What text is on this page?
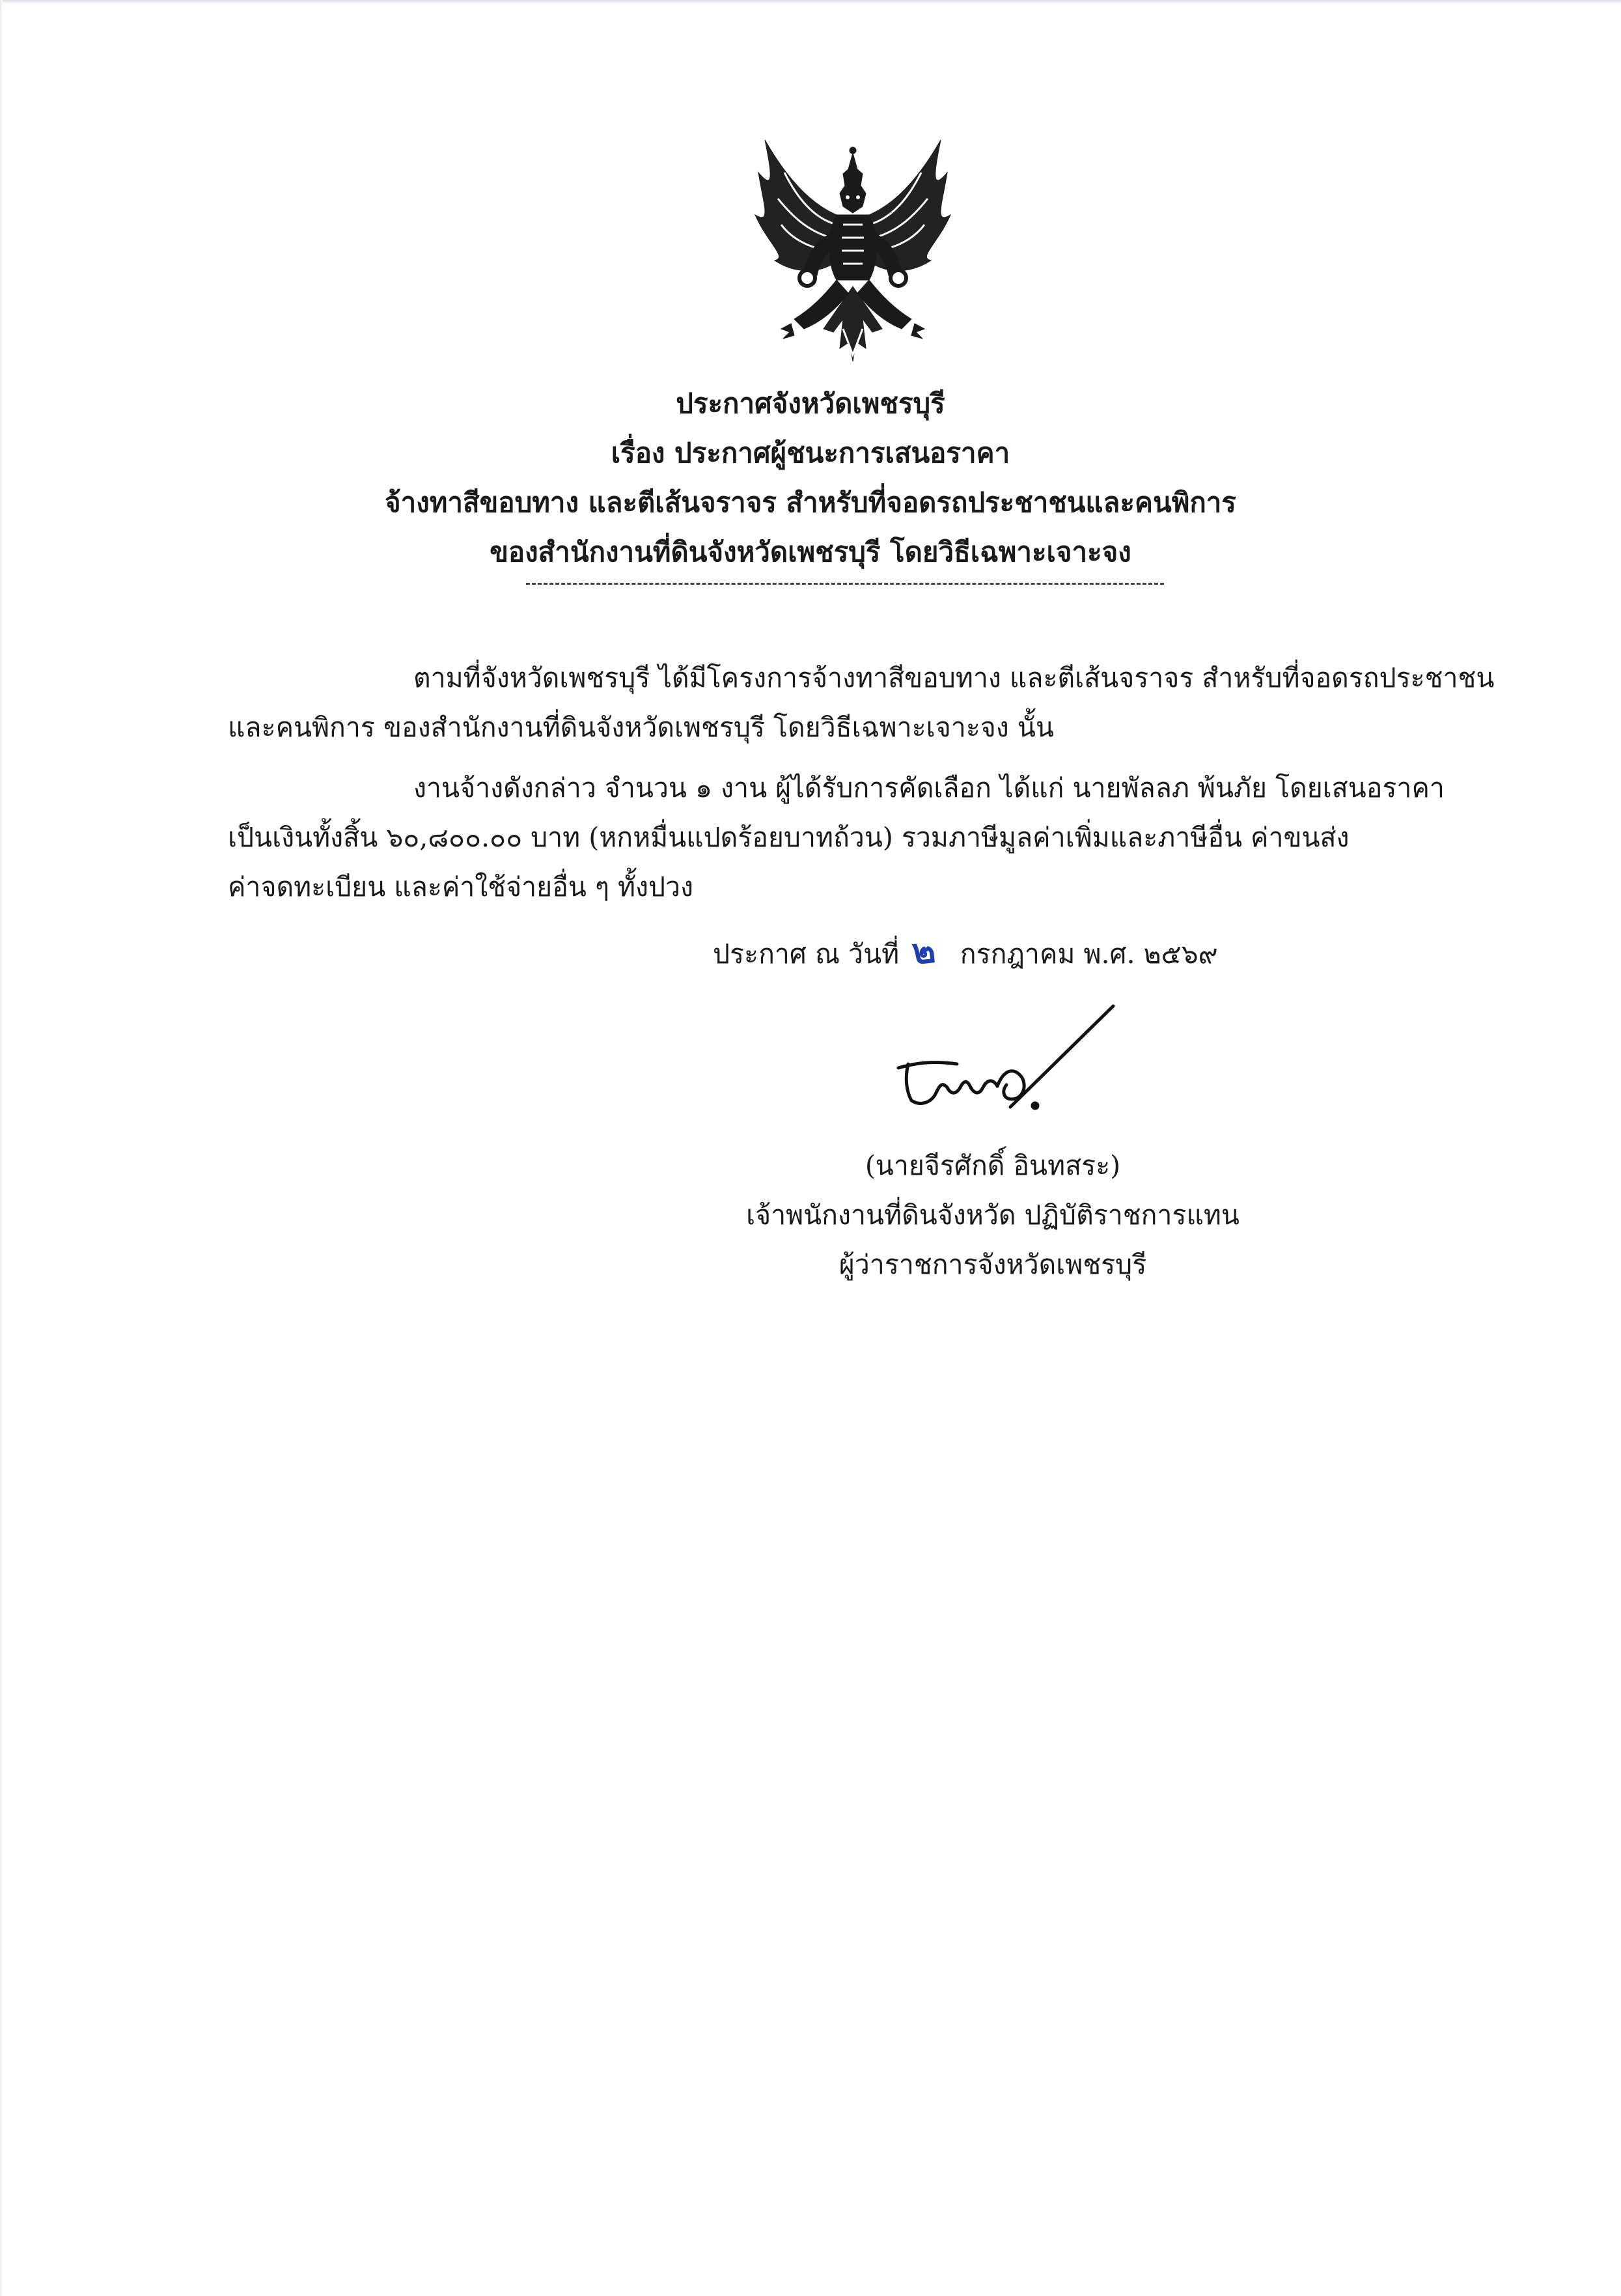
ประกาศจังหวัดเพชรบุรี
เรื่อง ประกาศผู้ชนะการเสนอราคา
จ้างทาสีขอบทาง และตีเส้นจราจร สำหรับที่จอดรถประชาชนและคนพิการ
ของสำนักงานที่ดินจังหวัดเพชรบุรี โดยวิธีเฉพาะเจาะจง
ตามที่จังหวัดเพชรบุรี ได้มีโครงการจ้างทาสีขอบทาง และตีเส้นจราจร สำหรับที่จอดรถประชาชน
และคนพิการ ของสำนักงานที่ดินจังหวัดเพชรบุรี โดยวิธีเฉพาะเจาะจง นั้น
งานจ้างดังกล่าว จำนวน ๑ งาน ผู้ได้รับการคัดเลือก ได้แก่ นายพัลลภ พ้นภัย โดยเสนอราคา
เป็นเงินทั้งสิ้น ๖๐,๘๐๐.๐๐ บาท (หกหมื่นแปดร้อยบาทถ้วน) รวมภาษีมูลค่าเพิ่มและภาษีอื่น ค่าขนส่ง
ค่าจดทะเบียน และค่าใช้จ่ายอื่น ๆ ทั้งปวง
ประกาศ ณ วันที่ ๒ กรกฎาคม พ.ศ. ๒๕๖๙
(นายจีรศักดิ์ อินทสระ)
เจ้าพนักงานที่ดินจังหวัด ปฏิบัติราชการแทน
ผู้ว่าราชการจังหวัดเพชรบุรี
